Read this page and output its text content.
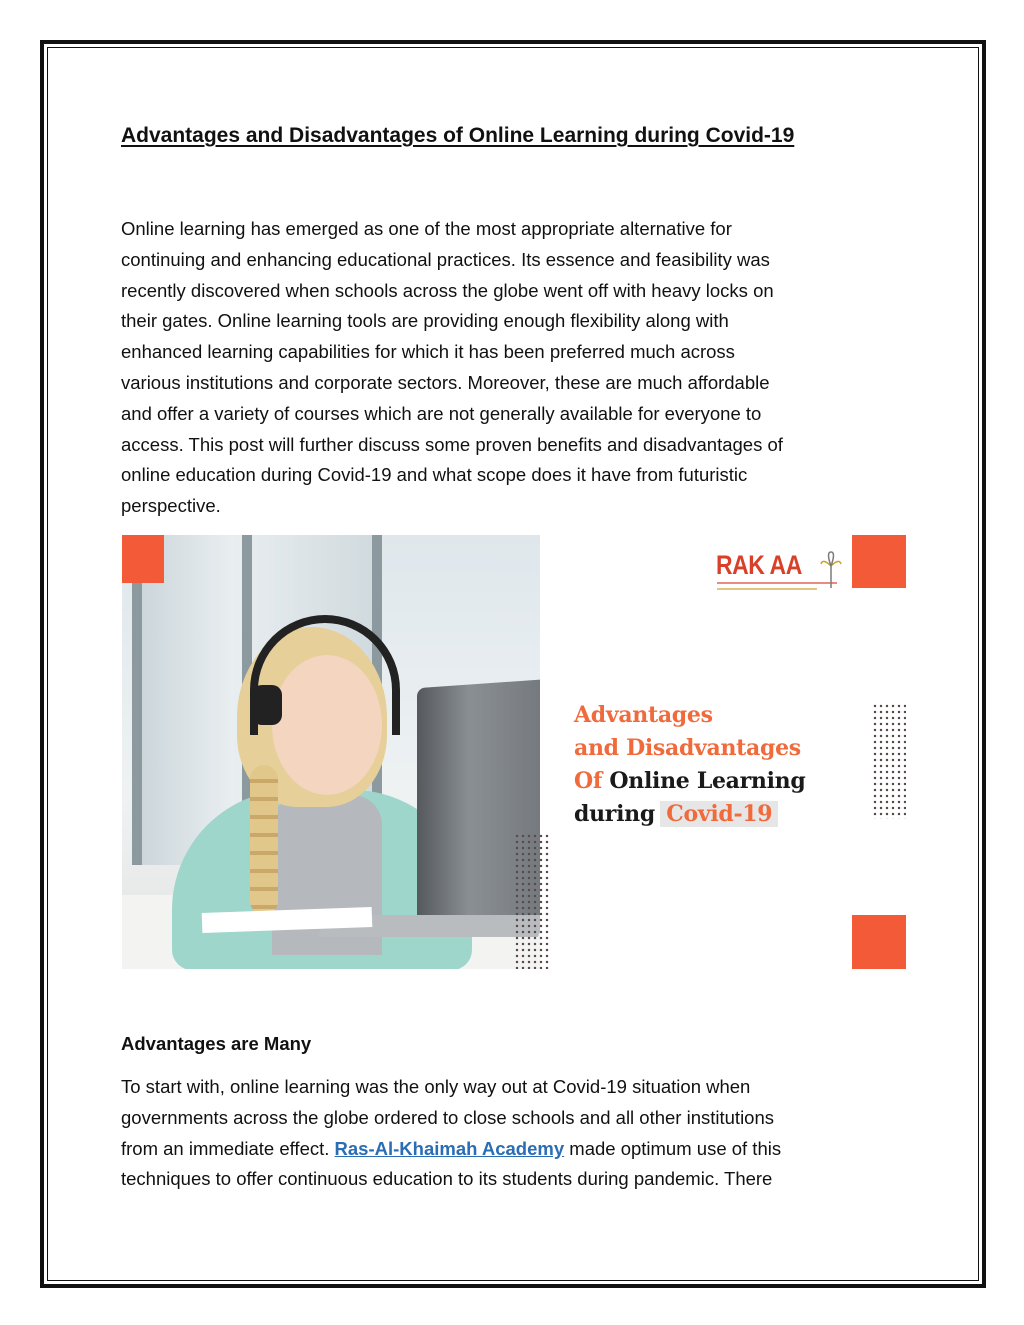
Advantages and Disadvantages of Online Learning during Covid-19

Online learning has emerged as one of the most appropriate alternative for
continuing and enhancing educational practices. Its essence and feasibility was
recently discovered when schools across the globe went off with heavy locks on
their gates. Online learning tools are providing enough flexibility along with
enhanced learning capabilities for which it has been preferred much across
various institutions and corporate sectors. Moreover, these are much affordable
and offer a variety of courses which are not generally available for everyone to
access. This post will further discuss some proven benefits and disadvantages of
online education during Covid-19 and what scope does it have from futuristic
perspective.

RAK AA
Advantages
and Disadvantages
Of Online Learning
during Covid-19
Advantages are Many

To start with, online learning was the only way out at Covid-19 situation when
governments across the globe ordered to close schools and all other institutions
from an immediate effect. Ras-Al-Khaimah Academy made optimum use of this
techniques to offer continuous education to its students during pandemic. There
